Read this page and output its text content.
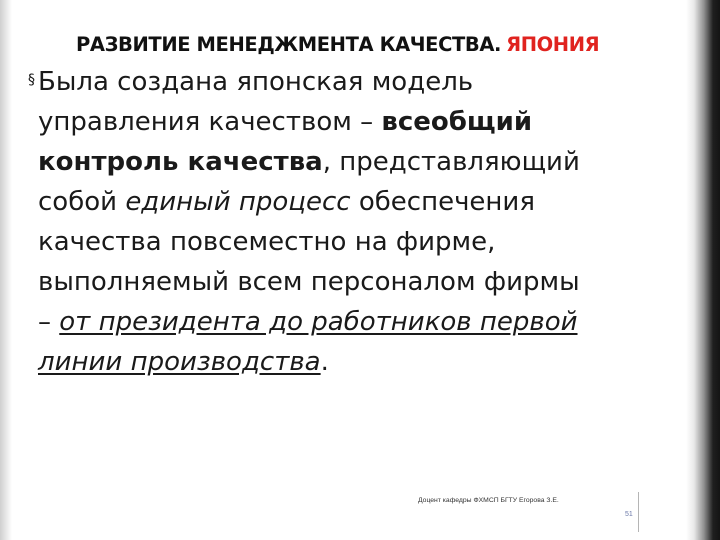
РАЗВИТИЕ МЕНЕДЖМЕНТА КАЧЕСТВА. ЯПОНИЯ
§ Была создана японская модель
управления качеством – всеобщий
контроль качества, представляющий
собой единый процесс обеспечения
качества повсеместно на фирме,
выполняемый всем персоналом фирмы
– от президента до работников первой
линии производства.
Доцент кафедры ФХМСП БГТУ Егорова З.Е.
51
